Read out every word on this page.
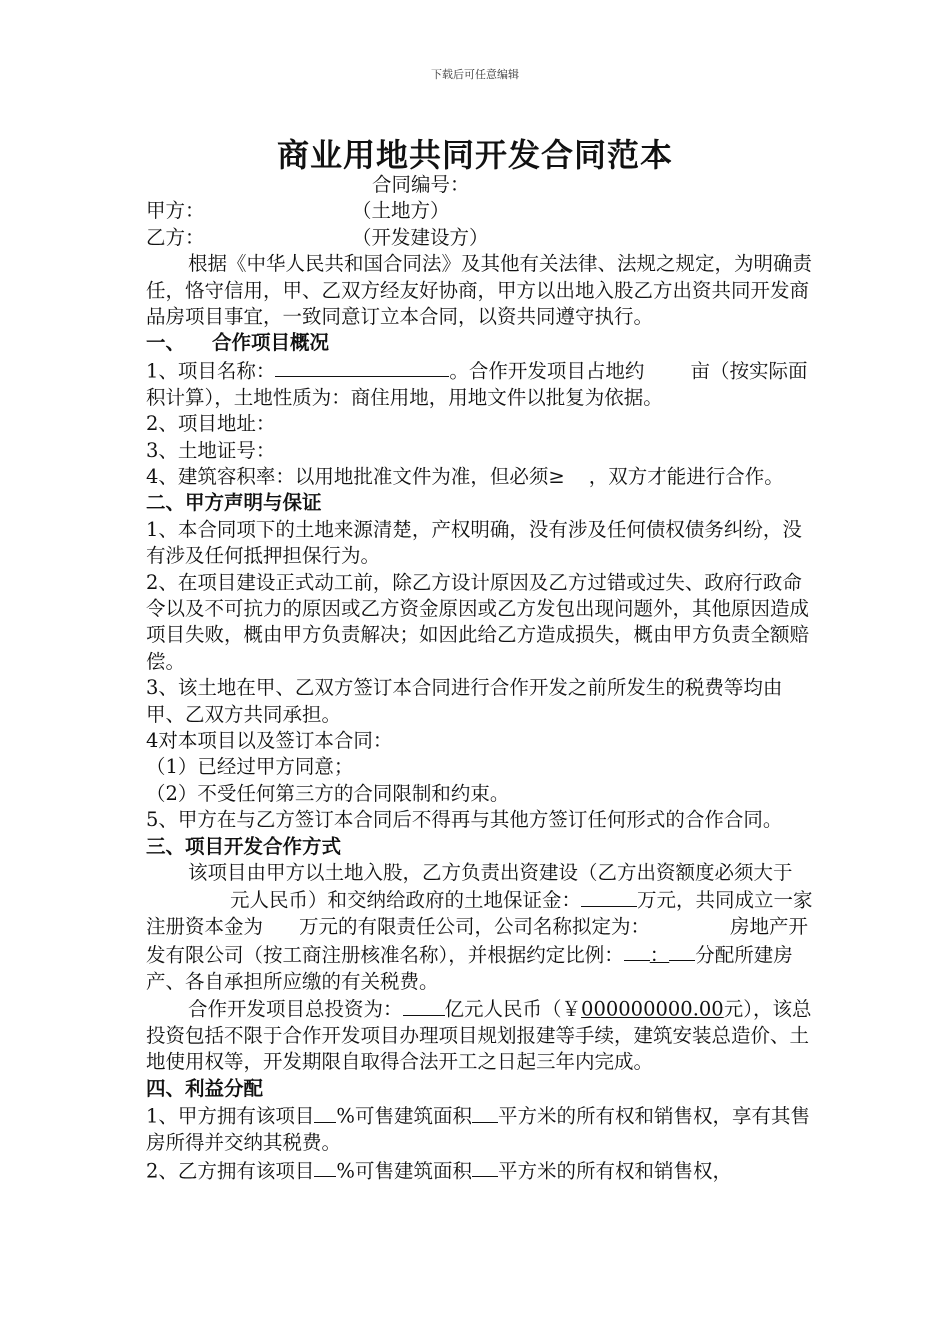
下载后可任意编辑
商业用地共同开发合同范本
合同编号：
甲方：	（土地方）
乙方：	（开发建设方）

根据《中华人民共和国合同法》及其他有关法律、法规之规定，为明确责任，恪守信用，甲、乙双方经友好协商，甲方以出地入股乙方出资共同开发商品房项目事宜，一致同意订立本合同，以资共同遵守执行。

一、 合作项目概况

1、项目名称：	。合作开发项目占地约 亩（按实际面积计算），土地性质为：商住用地，用地文件以批复为依据。

2、项目地址：

3、土地证号：

4、建筑容积率：以用地批准文件为准，但必须≥ ，双方才能进行合作。

二、甲方声明与保证

1、本合同项下的土地来源清楚，产权明确，没有涉及任何债权债务纠纷，没有涉及任何抵押担保行为。

2、在项目建设正式动工前，除乙方设计原因及乙方过错或过失、政府行政命令以及不可抗力的原因或乙方资金原因或乙方发包出现问题外，其他原因造成项目失败，概由甲方负责解决；如因此给乙方造成损失，概由甲方负责全额赔偿。

3、该土地在甲、乙双方签订本合同进行合作开发之前所发生的税费等均由甲、乙双方共同承担。

4对本项目以及签订本合同：

（1）已经过甲方同意；

（2）不受任何第三方的合同限制和约束。

5、甲方在与乙方签订本合同后不得再与其他方签订任何形式的合作合同。

三、项目开发合作方式

该项目由甲方以土地入股，乙方负责出资建设（乙方出资额度必须大于元人民币）和交纳给政府的土地保证金：	万元，共同成立一家注册资本金为 万元的有限责任公司，公司名称拟定为：	房地产开发有限公司（按工商注册核准名称），并根据约定比例： ： 分配所建房产、各自承担所应缴的有关税费。

合作开发项目总投资为： 亿元人民币（￥000000000.00元），该总投资包括不限于合作开发项目办理项目规划报建等手续，建筑安装总造价、土地使用权等，开发期限自取得合法开工之日起三年内完成。

四、利益分配

1、甲方拥有该项目 %可售建筑面积 平方米的所有权和销售权，享有其售房所得并交纳其税费。

2、乙方拥有该项目 %可售建筑面积 平方米的所有权和销售权，
